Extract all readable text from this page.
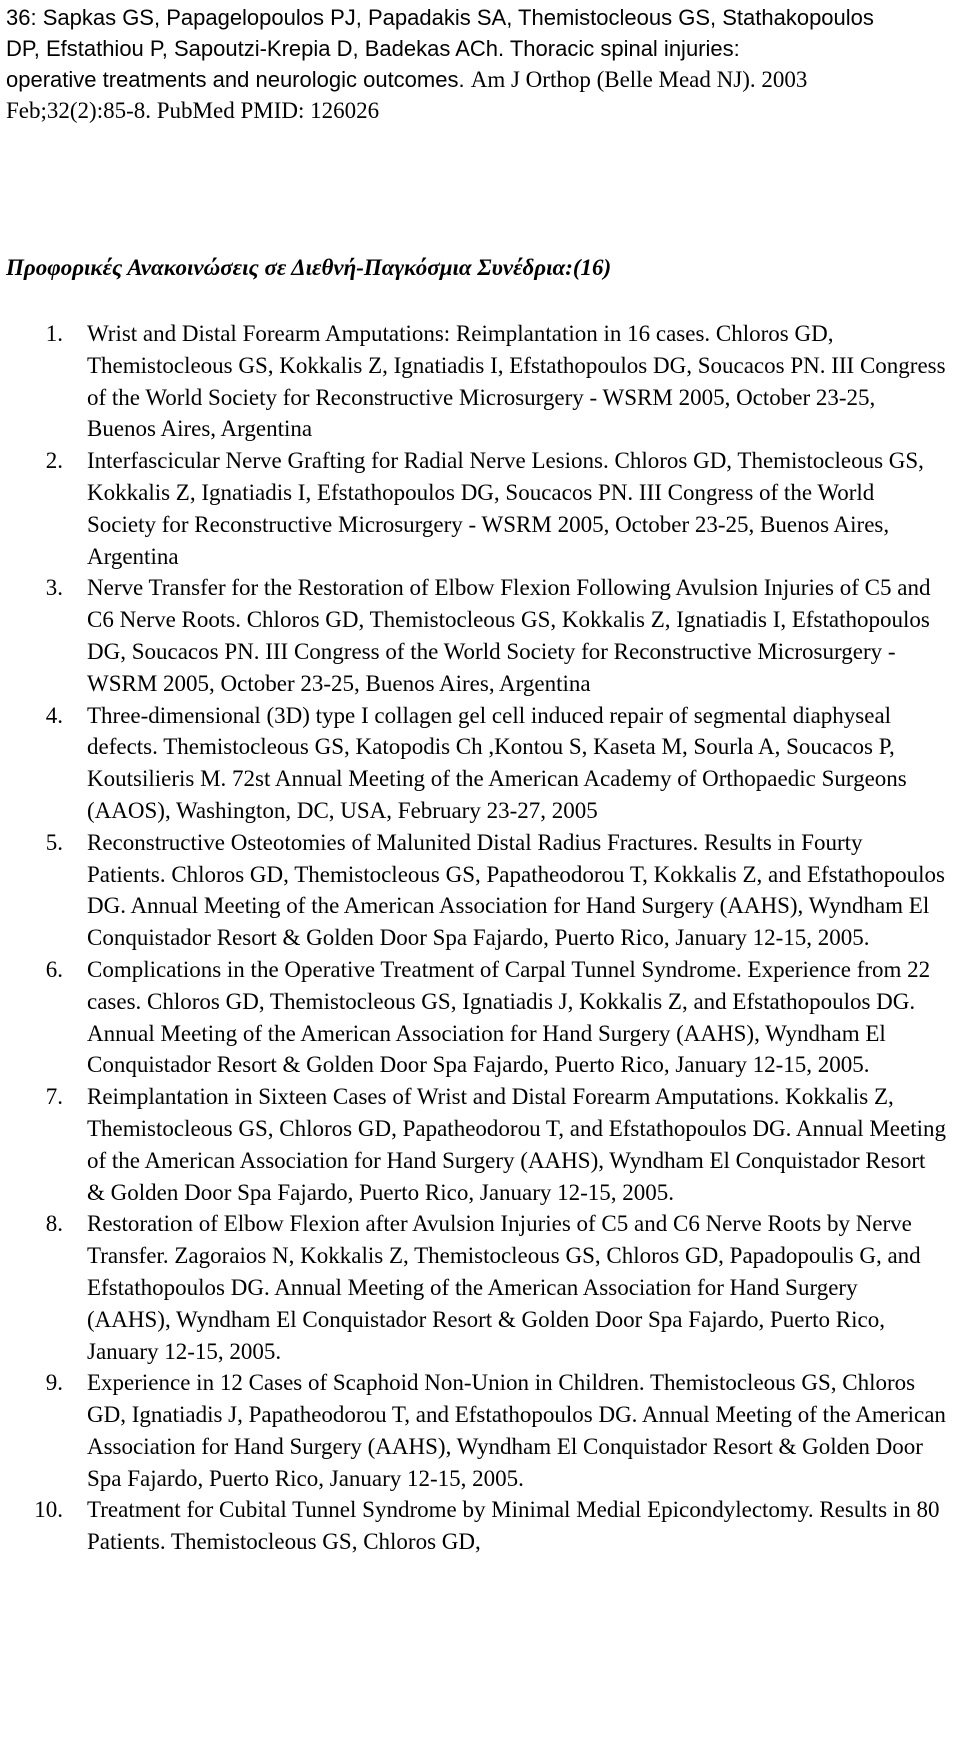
36: Sapkas GS, Papagelopoulos PJ, Papadakis SA, Themistocleous GS, Stathakopoulos
DP, Efstathiou P, Sapoutzi-Krepia D, Badekas ACh. Thoracic spinal injuries:
operative treatments and neurologic outcomes. Am J Orthop (Belle Mead NJ). 2003
Feb;32(2):85-8. PubMed PMID: 126026

Προφορικές Ανακοινώσεις σε Διεθνή-Παγκόσμια Συνέδρια:(16)
1. Wrist and Distal Forearm Amputations: Reimplantation in 16 cases. Chloros GD, Themistocleous GS, Kokkalis Z, Ignatiadis I, Efstathopoulos DG, Soucacos PN. III Congress of the World Society for Reconstructive Microsurgery - WSRM 2005, October 23-25, Buenos Aires, Argentina
2. Interfascicular Nerve Grafting for Radial Nerve Lesions. Chloros GD, Themistocleous GS, Kokkalis Z, Ignatiadis I, Efstathopoulos DG, Soucacos PN. III Congress of the World Society for Reconstructive Microsurgery - WSRM 2005, October 23-25, Buenos Aires, Argentina
3. Nerve Transfer for the Restoration of Elbow Flexion Following Avulsion Injuries of C5 and C6 Nerve Roots. Chloros GD, Themistocleous GS, Kokkalis Z, Ignatiadis I, Efstathopoulos DG, Soucacos PN. III Congress of the World Society for Reconstructive Microsurgery - WSRM 2005, October 23-25, Buenos Aires, Argentina
4. Three-dimensional (3D) type I collagen gel cell induced repair of segmental diaphyseal defects. Themistocleous GS, Katopodis Ch ,Kontou S, Kaseta M, Sourla A, Soucacos P, Koutsilieris M. 72st Annual Meeting of the American Academy of Orthopaedic Surgeons (AAOS), Washington, DC, USA, February 23-27, 2005
5. Reconstructive Osteotomies of Malunited Distal Radius Fractures. Results in Fourty Patients. Chloros GD, Themistocleous GS, Papatheodorou T, Kokkalis Z, and Efstathopoulos DG. Annual Meeting of the American Association for Hand Surgery (AAHS), Wyndham El Conquistador Resort & Golden Door Spa Fajardo, Puerto Rico, January 12-15, 2005.
6. Complications in the Operative Treatment of Carpal Tunnel Syndrome. Experience from 22 cases. Chloros GD, Themistocleous GS, Ignatiadis J, Kokkalis Z, and Efstathopoulos DG. Annual Meeting of the American Association for Hand Surgery (AAHS), Wyndham El Conquistador Resort & Golden Door Spa Fajardo, Puerto Rico, January 12-15, 2005.
7. Reimplantation in Sixteen Cases of Wrist and Distal Forearm Amputations. Kokkalis Z, Themistocleous GS, Chloros GD, Papatheodorou T, and Efstathopoulos DG. Annual Meeting of the American Association for Hand Surgery (AAHS), Wyndham El Conquistador Resort & Golden Door Spa Fajardo, Puerto Rico, January 12-15, 2005.
8. Restoration of Elbow Flexion after Avulsion Injuries of C5 and C6 Nerve Roots by Nerve Transfer. Zagoraios N, Kokkalis Z, Themistocleous GS, Chloros GD, Papadopoulis G, and Efstathopoulos DG. Annual Meeting of the American Association for Hand Surgery (AAHS), Wyndham El Conquistador Resort & Golden Door Spa Fajardo, Puerto Rico, January 12-15, 2005.
9. Experience in 12 Cases of Scaphoid Non-Union in Children. Themistocleous GS, Chloros GD, Ignatiadis J, Papatheodorou T, and Efstathopoulos DG. Annual Meeting of the American Association for Hand Surgery (AAHS), Wyndham El Conquistador Resort & Golden Door Spa Fajardo, Puerto Rico, January 12-15, 2005.
10. Treatment for Cubital Tunnel Syndrome by Minimal Medial Epicondylectomy. Results in 80 Patients. Themistocleous GS, Chloros GD,
